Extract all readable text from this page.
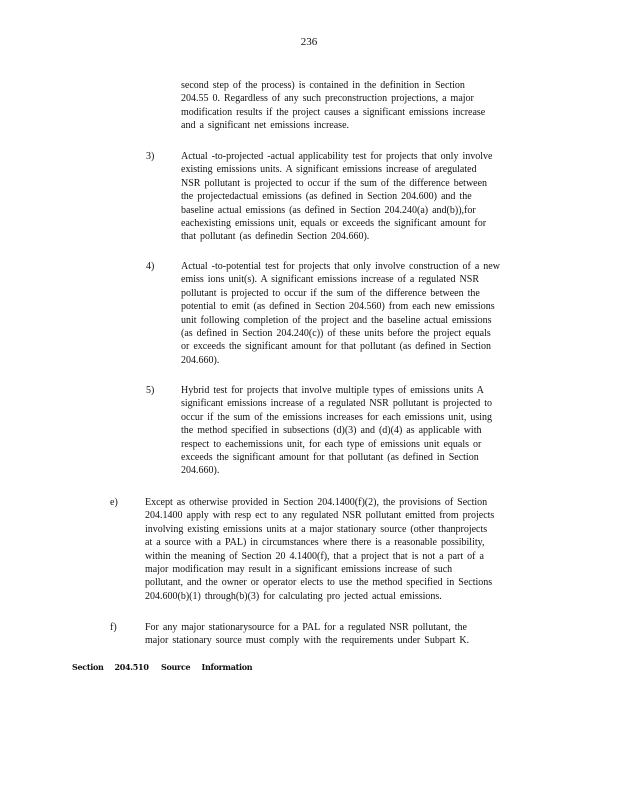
236
second step of the process) is contained in the definition in Section
204.55 0. Regardless of any such preconstruction projections, a major
modification results if the project causes a significant emissions increase
and a significant net emissions increase.
3)	Actual -to-projected -actual applicability test for projects that only involve
existing emissions units. A significant emissions increase of aregulated
NSR pollutant is projected to occur if the sum of the difference between
the projectedactual emissions (as defined in Section 204.600) and the
baseline actual emissions (as defined in Section 204.240(a) and(b)),for
eachexisting emissions unit, equals or exceeds the significant amount for
that pollutant (as definedin Section 204.660).
4)	Actual -to-potential test for projects that only involve construction of a new
emiss ions unit(s). A significant emissions increase of a regulated NSR
pollutant is projected to occur if the sum of the difference between the
potential to emit (as defined in Section 204.560) from each new emissions
unit following completion of the project and the baseline actual emissions
(as defined in Section 204.240(c)) of these units before the project equals
or exceeds the significant amount for that pollutant (as defined in Section
204.660).
5)	Hybrid test for projects that involve multiple types of emissions units A
significant emissions increase of a regulated NSR pollutant is projected to
occur if the sum of the emissions increases for each emissions unit, using
the method specified in subsections (d)(3) and (d)(4) as applicable with
respect to eachemissions unit, for each type of emissions unit equals or
exceeds the significant amount for that pollutant (as defined in Section
204.660).
e)	Except as otherwise provided in Section 204.1400(f)(2), the provisions of Section
204.1400 apply with resp ect to any regulated NSR pollutant emitted from projects
involving existing emissions units at a major stationary source (other thanprojects
at a source with a PAL) in circumstances where there is a reasonable possibility,
within the meaning of Section 20 4.1400(f), that a project that is not a part of a
major modification may result in a significant emissions increase of such
pollutant, and the owner or operator elects to use the method specified in Sections
204.600(b)(1) through(b)(3) for calculating pro jected actual emissions.
f)	For any major stationarysource for a PAL for a regulated NSR pollutant, the
major stationary source must comply with the requirements under Subpart K.
Section 204.510 Source Information
